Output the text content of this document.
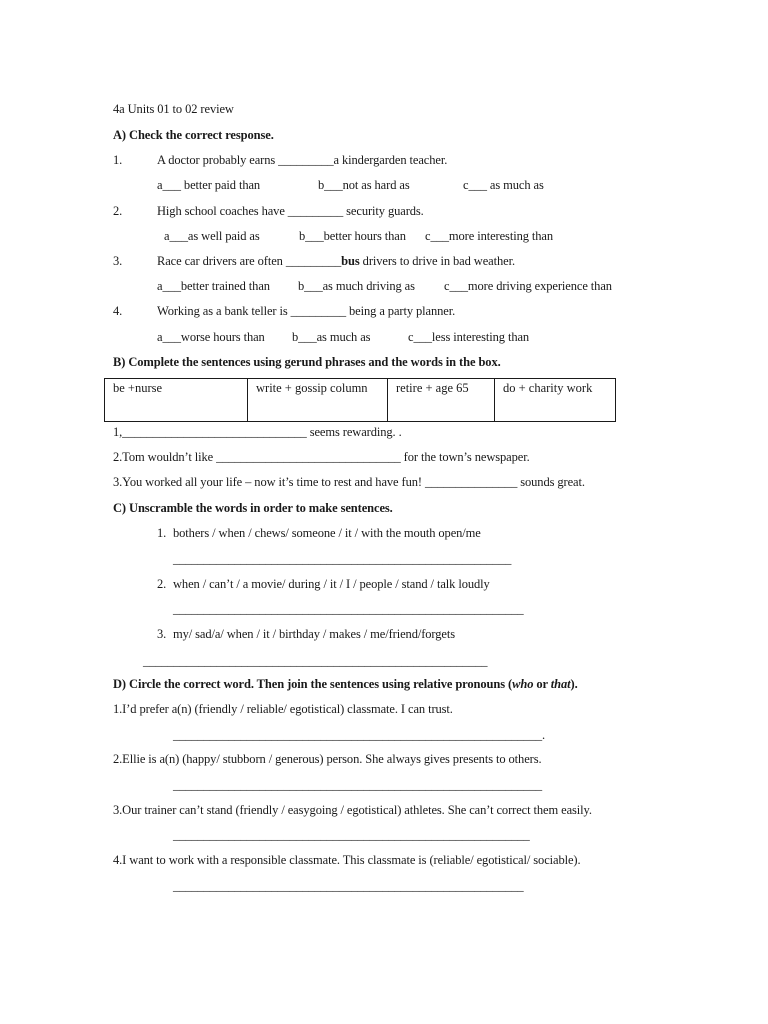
4a Units 01 to 02 review
A) Check the correct response.
1.	A doctor probably earns _________a kindergarden teacher.
a___ better paid than	b___not as hard as	c___ as much as
2.	High school coaches have _________ security guards.
a___as well paid as	b___better hours than c___more interesting than
3.	Race car drivers are often _________bus drivers to drive in bad weather.
a___better trained than b___as much driving as c___more driving experience than
4.	Working as a bank teller is _________ being a party planner.
a___worse hours than b___as much as	c___less interesting than
B) Complete the sentences using gerund phrases and the words in the box.
be +nurse	write + gossip column	retire + age 65	do + charity work
1,______________________________ seems rewarding. .
2.Tom wouldn’t like ______________________________ for the town’s newspaper.
3.You worked all your life – now it’s time to rest and have fun! _______________ sounds great.
C) Unscramble the words in order to make sentences.
1. bothers / when / chews/ someone / it / with the mouth open/me
_______________________________________________________
2. when / can’t / a movie/ during / it / I / people / stand / talk loudly
_________________________________________________________
3. my/ sad/a/ when / it / birthday / makes / me/friend/forgets
________________________________________________________
D) Circle the correct word. Then join the sentences using relative pronouns (who or that).
1.I’d prefer a(n) (friendly / reliable/ egotistical) classmate. I can trust.
____________________________________________________________.
2.Ellie is a(n) (happy/ stubborn / generous) person. She always gives presents to others.
____________________________________________________________
3.Our trainer can’t stand (friendly / easygoing / egotistical) athletes. She can’t correct them easily.
__________________________________________________________
4.I want to work with a responsible classmate. This classmate is (reliable/ egotistical/ sociable).
_________________________________________________________
